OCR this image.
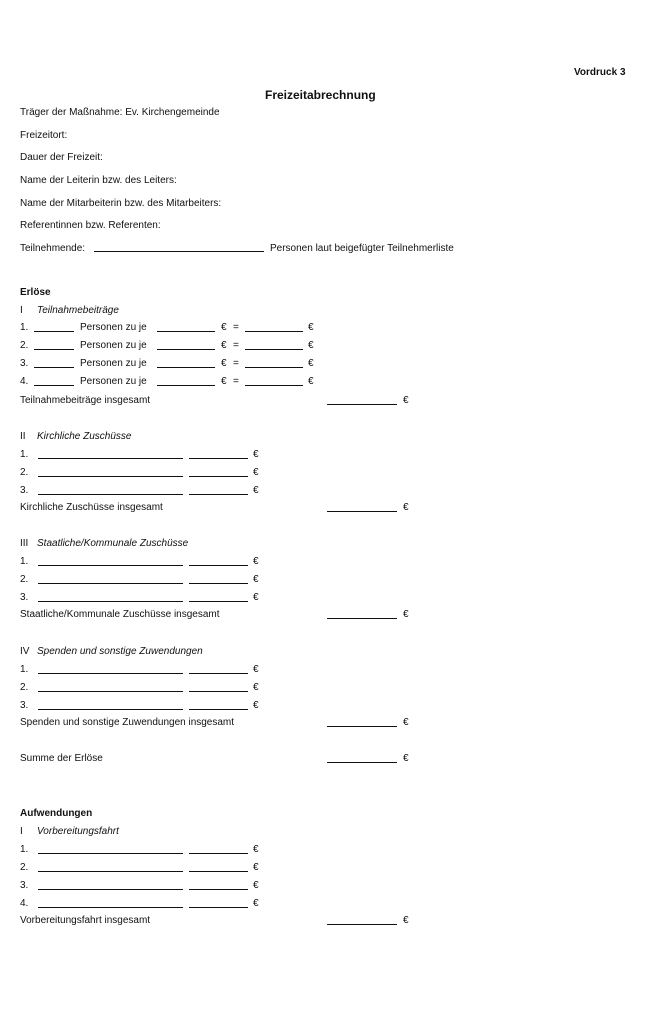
Vordruck 3
Freizeitabrechnung
Träger der Maßnahme: Ev. Kirchengemeinde
Freizeitort:
Dauer der Freizeit:
Name der Leiterin bzw. des Leiters:
Name der Mitarbeiterin bzw. des Mitarbeiters:
Referentinnen bzw. Referenten:
Teilnehmende:	Personen laut beigefügter Teilnehmerliste
Erlöse
I Teilnahmebeiträge
1.	Personen zu je	€ =	€
2.	Personen zu je	€ =	€
3.	Personen zu je	€ =	€
4.	Personen zu je	€ =	€
Teilnahmebeiträge insgesamt	€
II Kirchliche Zuschüsse
1.	€
2.	€
3.	€
Kirchliche Zuschüsse insgesamt	€
III Staatliche/Kommunale Zuschüsse
1.	€
2.	€
3.	€
Staatliche/Kommunale Zuschüsse insgesamt	€
IV Spenden und sonstige Zuwendungen
1.	€
2.	€
3.	€
Spenden und sonstige Zuwendungen insgesamt	€
Summe der Erlöse	€
Aufwendungen
I Vorbereitungsfahrt
1.	€
2.	€
3.	€
4.	€
Vorbereitungsfahrt insgesamt	€
